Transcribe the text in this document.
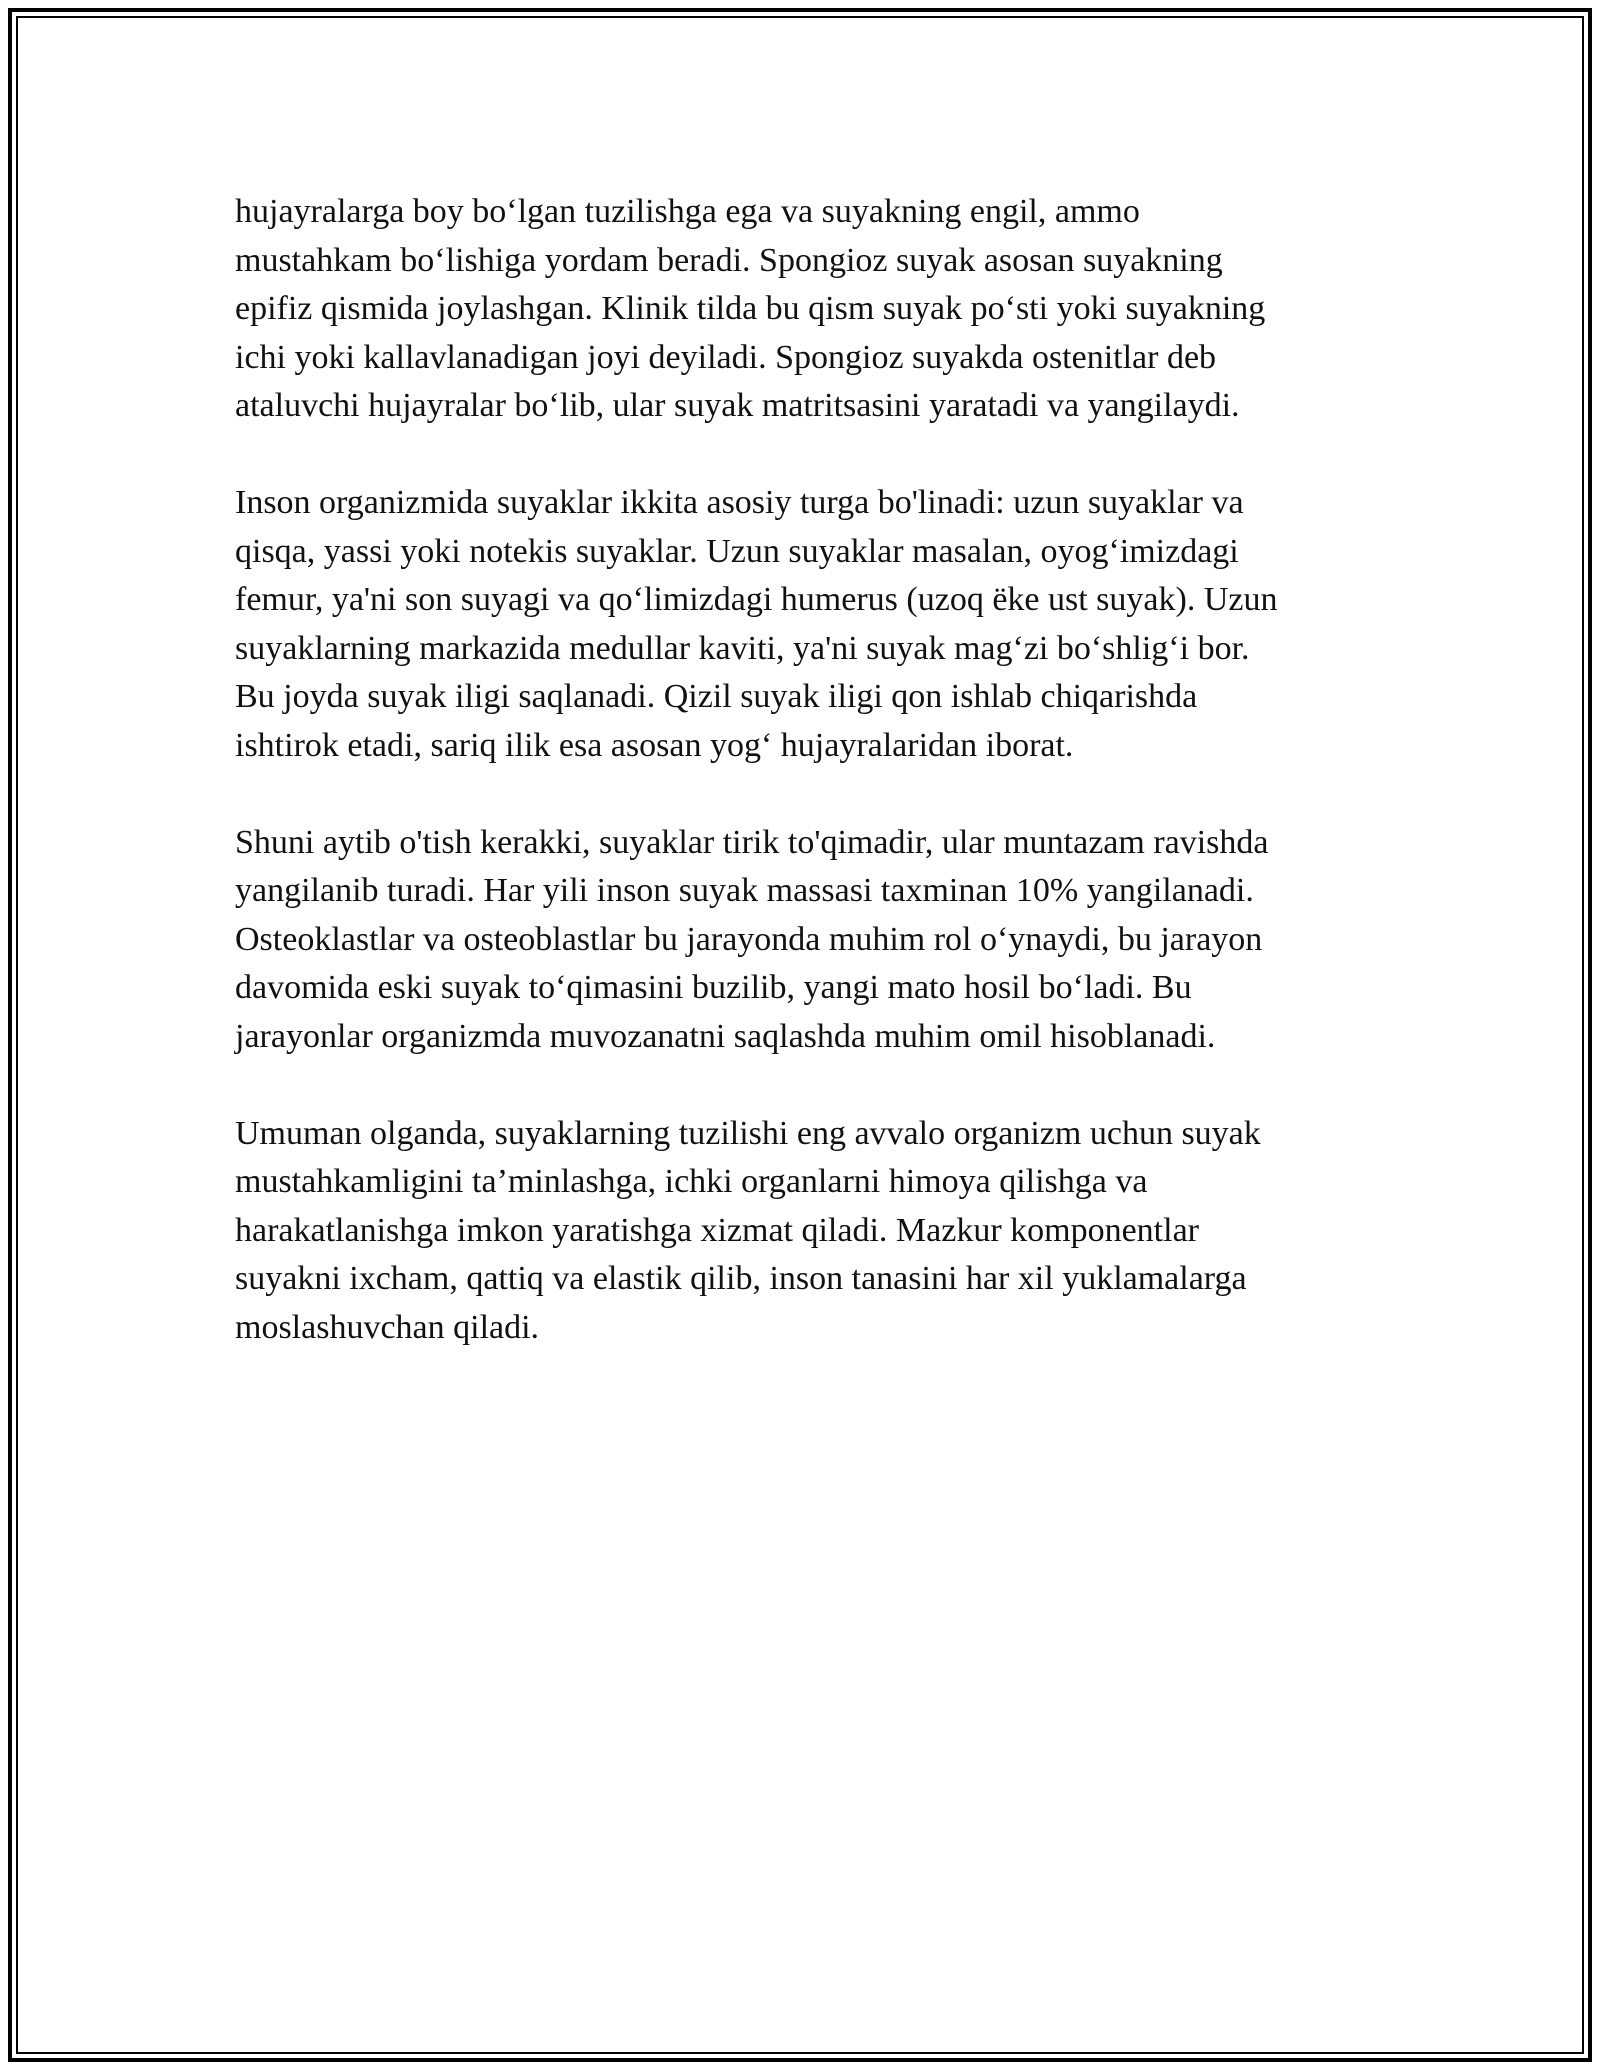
hujayralarga boy bo‘lgan tuzilishga ega va suyakning engil, ammo
mustahkam bo‘lishiga yordam beradi. Spongioz suyak asosan suyakning
epifiz qismida joylashgan. Klinik tilda bu qism suyak po‘sti yoki suyakning
ichi yoki kallavlanadigan joyi deyiladi. Spongioz suyakda ostenitlar deb
ataluvchi hujayralar bo‘lib, ular suyak matritsasini yaratadi va yangilaydi.

Inson organizmida suyaklar ikkita asosiy turga bo'linadi: uzun suyaklar va
qisqa, yassi yoki notekis suyaklar. Uzun suyaklar masalan, oyog‘imizdagi
femur, ya'ni son suyagi va qo‘limizdagi humerus (uzoq ëke ust suyak). Uzun
suyaklarning markazida medullar kaviti, ya'ni suyak mag‘zi bo‘shlig‘i bor.
Bu joyda suyak iligi saqlanadi. Qizil suyak iligi qon ishlab chiqarishda
ishtirok etadi, sariq ilik esa asosan yog‘ hujayralaridan iborat.

Shuni aytib o'tish kerakki, suyaklar tirik to'qimadir, ular muntazam ravishda
yangilanib turadi. Har yili inson suyak massasi taxminan 10% yangilanadi.
Osteoklastlar va osteoblastlar bu jarayonda muhim rol o‘ynaydi, bu jarayon
davomida eski suyak to‘qimasini buzilib, yangi mato hosil bo‘ladi. Bu
jarayonlar organizmda muvozanatni saqlashda muhim omil hisoblanadi.

Umuman olganda, suyaklarning tuzilishi eng avvalo organizm uchun suyak
mustahkamligini ta’minlashga, ichki organlarni himoya qilishga va
harakatlanishga imkon yaratishga xizmat qiladi. Mazkur komponentlar
suyakni ixcham, qattiq va elastik qilib, inson tanasini har xil yuklamalarga
moslashuvchan qiladi.
